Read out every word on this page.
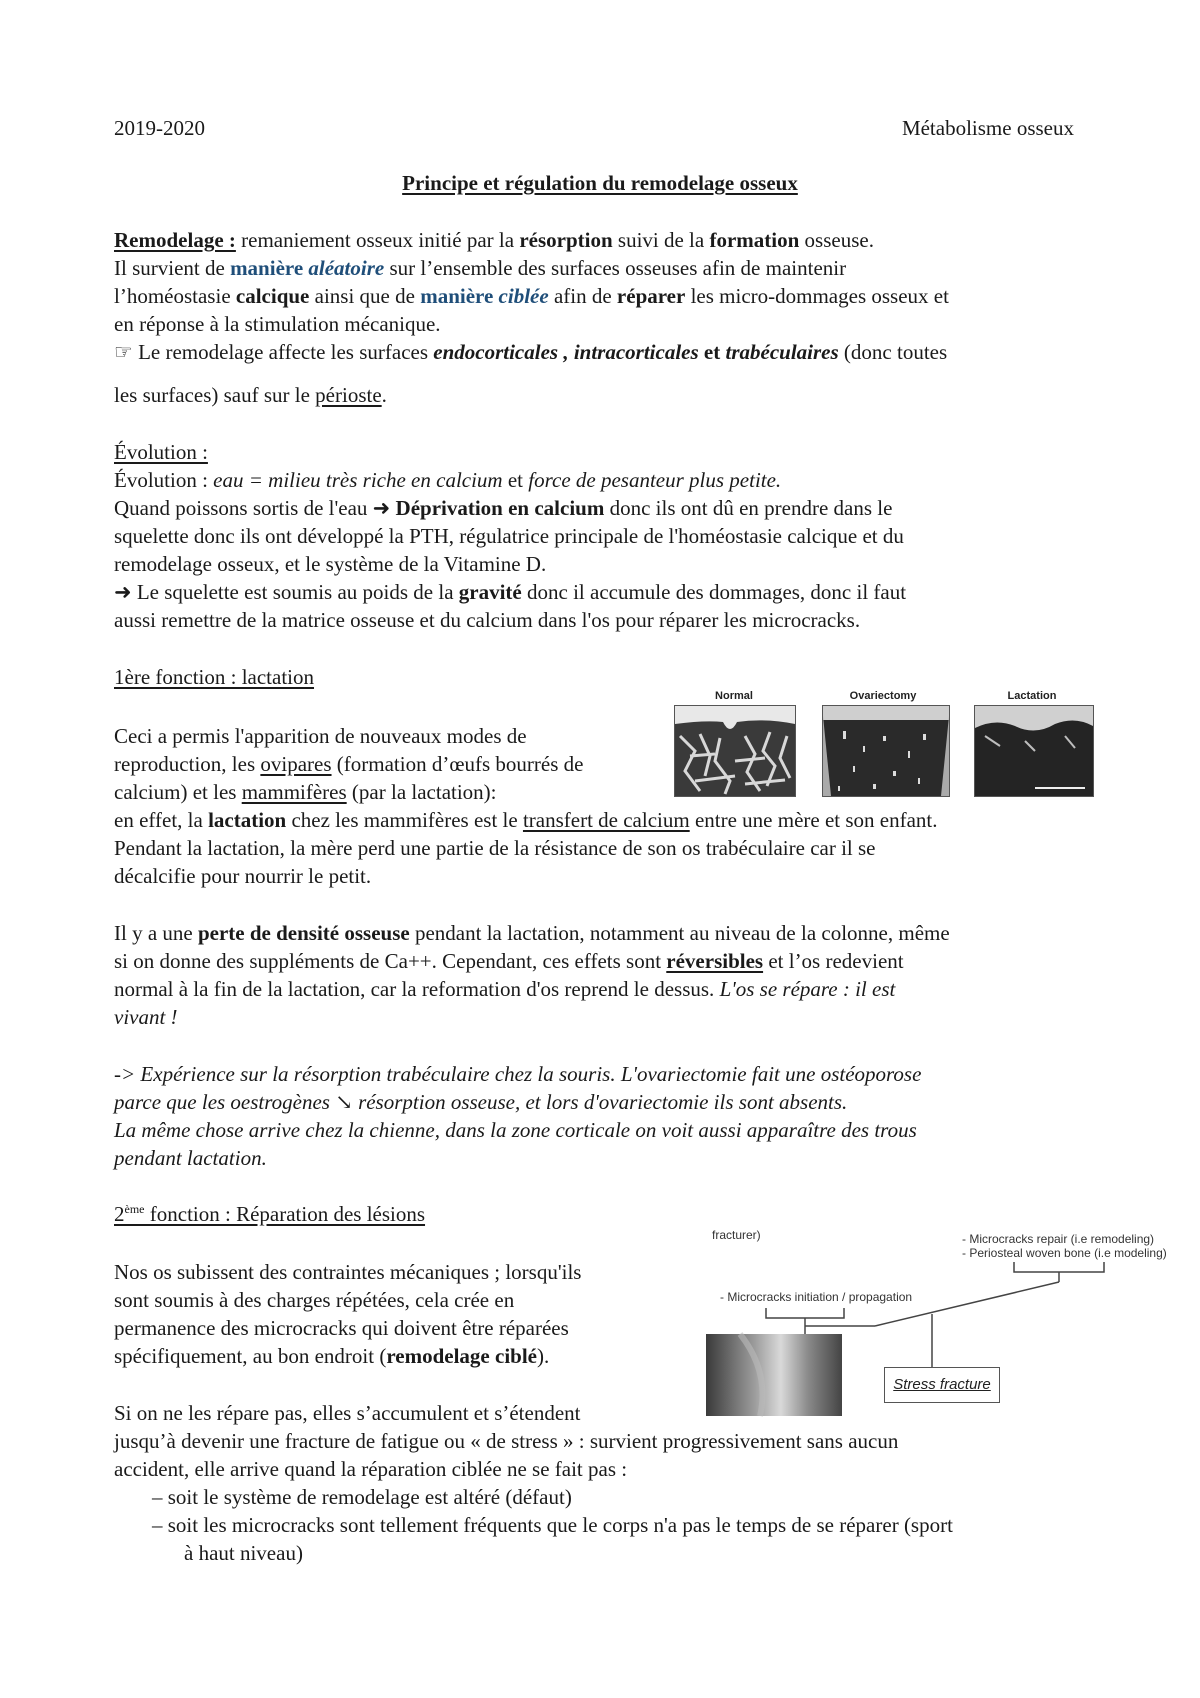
2019-2020	Métabolisme osseux
Principe et régulation du remodelage osseux
Remodelage : remaniement osseux initié par la résorption suivi de la formation osseuse.
Il survient de manière aléatoire sur l’ensemble des surfaces osseuses afin de maintenir
l’homéostasie calcique ainsi que de manière ciblée afin de réparer les micro-dommages osseux et
en réponse à la stimulation mécanique.
☞ Le remodelage affecte les surfaces endocorticales , intracorticales et trabéculaires (donc toutes
les surfaces) sauf sur le périoste.
Évolution :
Évolution : eau = milieu très riche en calcium et force de pesanteur plus petite.
Quand poissons sortis de l'eau ➜ Déprivation en calcium donc ils ont dû en prendre dans le
squelette donc ils ont développé la PTH, régulatrice principale de l'homéostasie calcique et du
remodelage osseux, et le système de la Vitamine D.
➜ Le squelette est soumis au poids de la gravité donc il accumule des dommages, donc il faut
aussi remettre de la matrice osseuse et du calcium dans l'os pour réparer les microcracks.
1ère fonction : lactation
Normal	Ovariectomy	Lactation
Ceci a permis l'apparition de nouveaux modes de
reproduction, les ovipares (formation d’œufs bourrés de
calcium) et les mammifères (par la lactation):
en effet, la lactation chez les mammifères est le transfert de calcium entre une mère et son enfant.
Pendant la lactation, la mère perd une partie de la résistance de son os trabéculaire car il se
décalcifie pour nourrir le petit.
Il y a une perte de densité osseuse pendant la lactation, notamment au niveau de la colonne, même
si on donne des suppléments de Ca++. Cependant, ces effets sont réversibles et l’os redevient
normal à la fin de la lactation, car la reformation d'os reprend le dessus. L'os se répare : il est
vivant !
-> Expérience sur la résorption trabéculaire chez la souris. L'ovariectomie fait une ostéoporose
parce que les oestrogènes ↘ résorption osseuse, et lors d'ovariectomie ils sont absents.
La même chose arrive chez la chienne, dans la zone corticale on voit aussi apparaître des trous
pendant lactation.
2ème fonction : Réparation des lésions
fracturer)	- Microcracks repair (i.e remodeling)
- Periosteal woven bone (i.e modeling)
- Microcracks initiation / propagation
Stress fracture
Nos os subissent des contraintes mécaniques ; lorsqu'ils
sont soumis à des charges répétées, cela crée en
permanence des microcracks qui doivent être réparées
spécifiquement, au bon endroit (remodelage ciblé).
Si on ne les répare pas, elles s’accumulent et s’étendent
jusqu’à devenir une fracture de fatigue ou « de stress » : survient progressivement sans aucun
accident, elle arrive quand la réparation ciblée ne se fait pas :
– soit le système de remodelage est altéré (défaut)
– soit les microcracks sont tellement fréquents que le corps n'a pas le temps de se réparer (sport
à haut niveau)
